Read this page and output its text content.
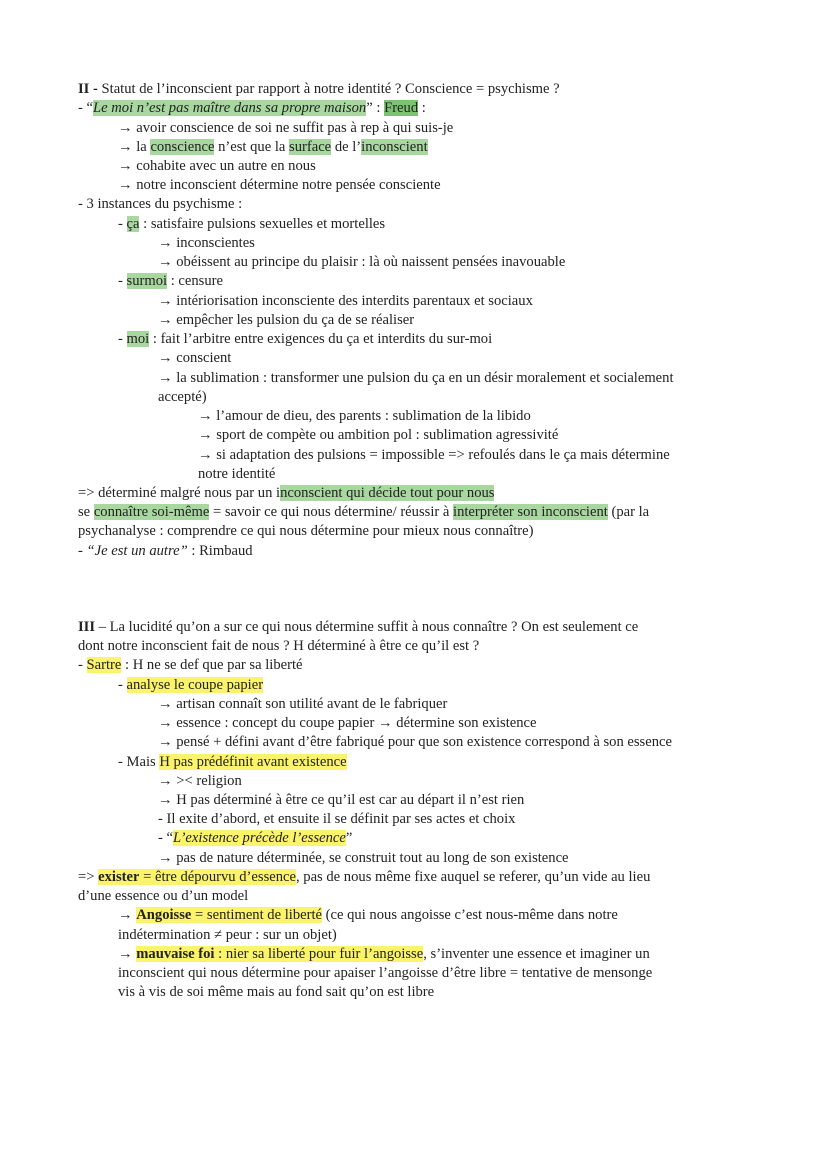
II - Statut de l’inconscient par rapport à notre identité ? Conscience = psychisme ?
- “Le moi n’est pas maître dans sa propre maison” : Freud :
→ avoir conscience de soi ne suffit pas à rep à qui suis-je
→ la conscience n’est que la surface de l’inconscient
→ cohabite avec un autre en nous
→ notre inconscient détermine notre pensée consciente
- 3 instances du psychisme :
- ça : satisfaire pulsions sexuelles et mortelles
→ inconscientes
→ obéissent au principe du plaisir : là où naissent pensées inavouable
- surmoi : censure
→ intériorisation inconsciente des interdits parentaux et sociaux
→ empêcher les pulsion du ça de se réaliser
- moi : fait l’arbitre entre exigences du ça et interdits du sur-moi
→ conscient
→ la sublimation : transformer une pulsion du ça en un désir moralement et socialement
accepté)
→ l’amour de dieu, des parents : sublimation de la libido
→ sport de compète ou ambition pol : sublimation agressivité
→ si adaptation des pulsions = impossible => refoulés dans le ça mais détermine
notre identité
=> déterminé malgré nous par un inconscient qui décide tout pour nous
se connaître soi-même = savoir ce qui nous détermine/ réussir à interpréter son inconscient (par la
psychanalyse : comprendre ce qui nous détermine pour mieux nous connaître)
- “Je est un autre” : Rimbaud
III – La lucidité qu’on a sur ce qui nous détermine suffit à nous connaître ? On est seulement ce
dont notre inconscient fait de nous ? H déterminé à être ce qu’il est ?
- Sartre : H ne se def que par sa liberté
- analyse le coupe papier
→ artisan connaît son utilité avant de le fabriquer
→ essence : concept du coupe papier → détermine son existence
→ pensé + défini avant d’être fabriqué pour que son existence correspond à son essence
- Mais H pas prédéfinit avant existence
→ >< religion
→ H pas déterminé à être ce qu’il est car au départ il n’est rien
- Il exite d’abord, et ensuite il se définit par ses actes et choix
- “L’existence précède l’essence”
→ pas de nature déterminée, se construit tout au long de son existence
=> exister = être dépourvu d’essence, pas de nous même fixe auquel se referer, qu’un vide au lieu
d’une essence ou d’un model
→ Angoisse = sentiment de liberté (ce qui nous angoisse c’est nous-même dans notre
indétermination ≠ peur : sur un objet)
→ mauvaise foi : nier sa liberté pour fuir l’angoisse, s’inventer une essence et imaginer un
inconscient qui nous détermine pour apaiser l’angoisse d’être libre = tentative de mensonge
vis à vis de soi même mais au fond sait qu’on est libre
